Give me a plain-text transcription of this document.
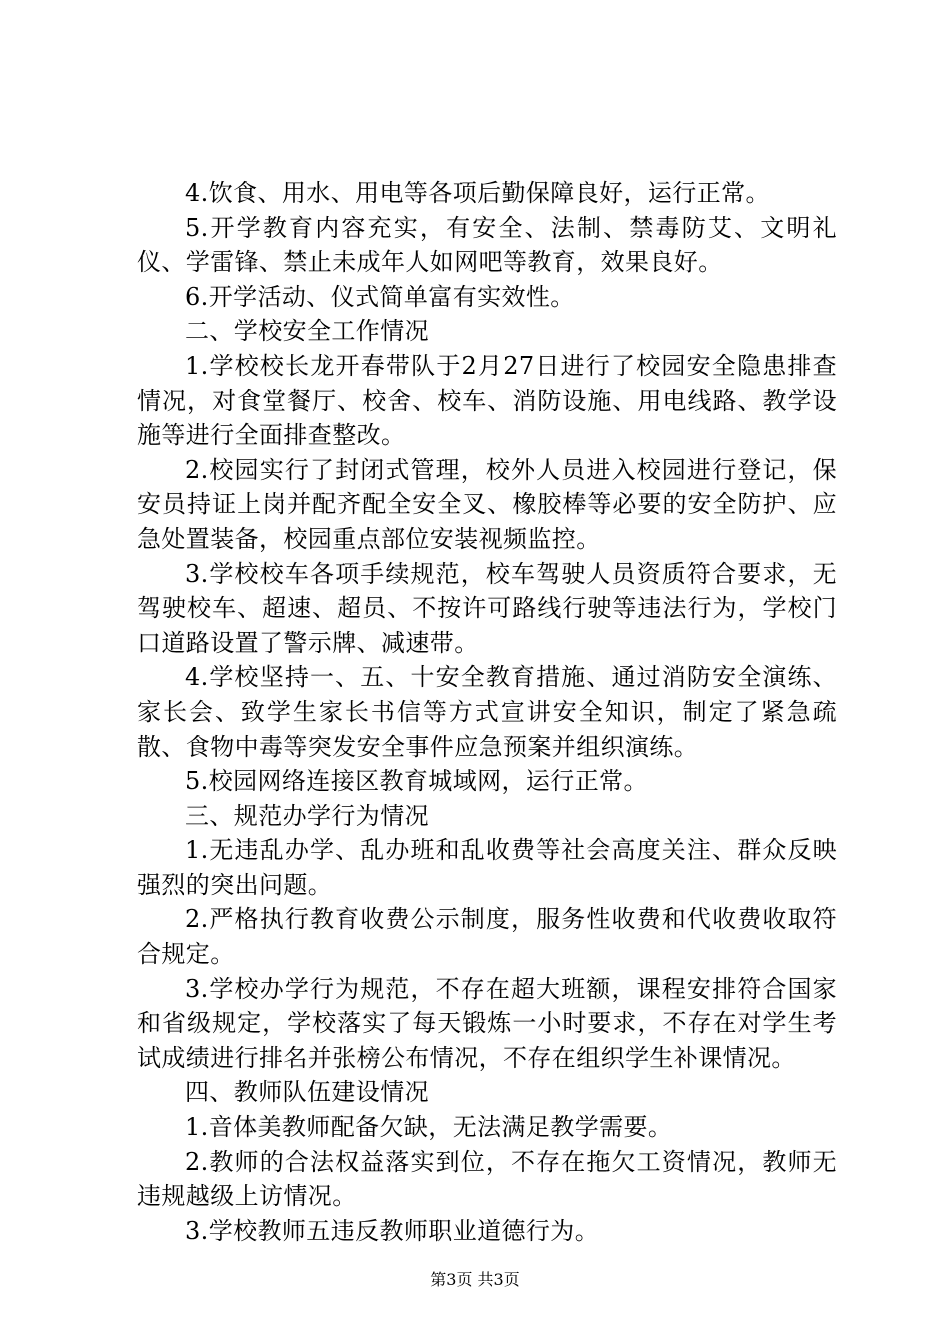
4.饮食、用水、用电等各项后勤保障良好，运行正常。

5.开学教育内容充实，有安全、法制、禁毒防艾、文明礼仪、学雷锋、禁止未成年人如网吧等教育，效果良好。

6.开学活动、仪式简单富有实效性。

二、学校安全工作情况

1.学校校长龙开春带队于2月27日进行了校园安全隐患排查情况，对食堂餐厅、校舍、校车、消防设施、用电线路、教学设施等进行全面排查整改。

2.校园实行了封闭式管理，校外人员进入校园进行登记，保安员持证上岗并配齐配全安全叉、橡胶棒等必要的安全防护、应急处置装备，校园重点部位安装视频监控。

3.学校校车各项手续规范，校车驾驶人员资质符合要求，无驾驶校车、超速、超员、不按许可路线行驶等违法行为，学校门口道路设置了警示牌、减速带。

4.学校坚持一、五、十安全教育措施、通过消防安全演练、家长会、致学生家长书信等方式宣讲安全知识，制定了紧急疏散、食物中毒等突发安全事件应急预案并组织演练。

5.校园网络连接区教育城域网，运行正常。

三、规范办学行为情况

1.无违乱办学、乱办班和乱收费等社会高度关注、群众反映强烈的突出问题。

2.严格执行教育收费公示制度，服务性收费和代收费收取符合规定。

3.学校办学行为规范，不存在超大班额，课程安排符合国家和省级规定，学校落实了每天锻炼一小时要求，不存在对学生考试成绩进行排名并张榜公布情况，不存在组织学生补课情况。

四、教师队伍建设情况

1.音体美教师配备欠缺，无法满足教学需要。

2.教师的合法权益落实到位，不存在拖欠工资情况，教师无违规越级上访情况。

3.学校教师五违反教师职业道德行为。

第3页 共3页
